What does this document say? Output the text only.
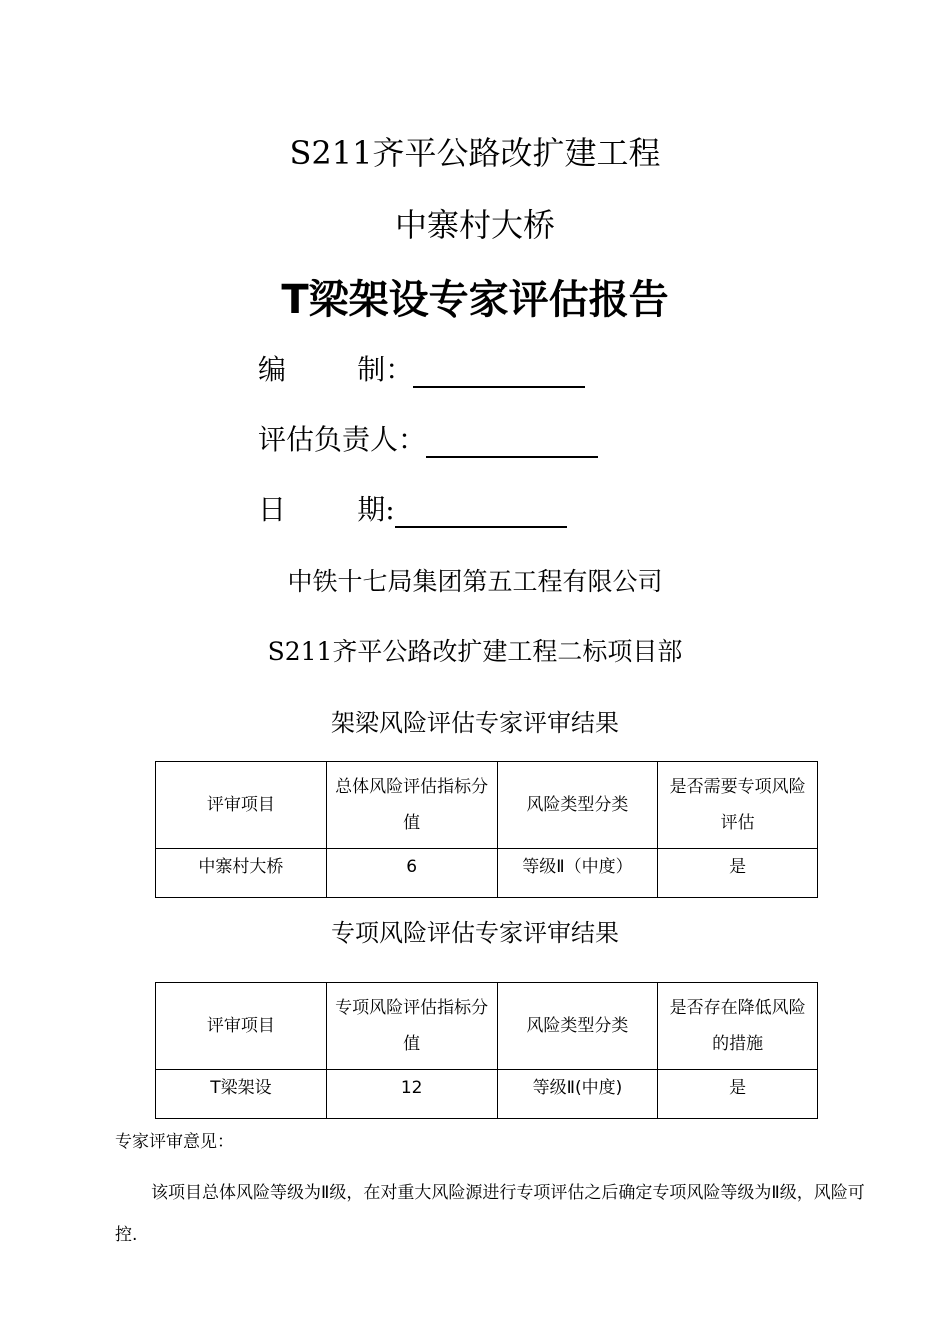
S211齐平公路改扩建工程
中寨村大桥
T梁架设专家评估报告
编        制：
评估负责人：
日        期:
中铁十七局集团第五工程有限公司
S211齐平公路改扩建工程二标项目部
架梁风险评估专家评审结果
评审项目	总体风险评估指标分值	风险类型分类	是否需要专项风险评估
中寨村大桥	6	等级Ⅱ（中度）	是
专项风险评估专家评审结果
评审项目	专项风险评估指标分值	风险类型分类	是否存在降低风险的措施
T梁架设	12	等级Ⅱ(中度)	是
专家评审意见：
该项目总体风险等级为Ⅱ级，在对重大风险源进行专项评估之后确定专项风险等级为Ⅱ级，风险可控.
